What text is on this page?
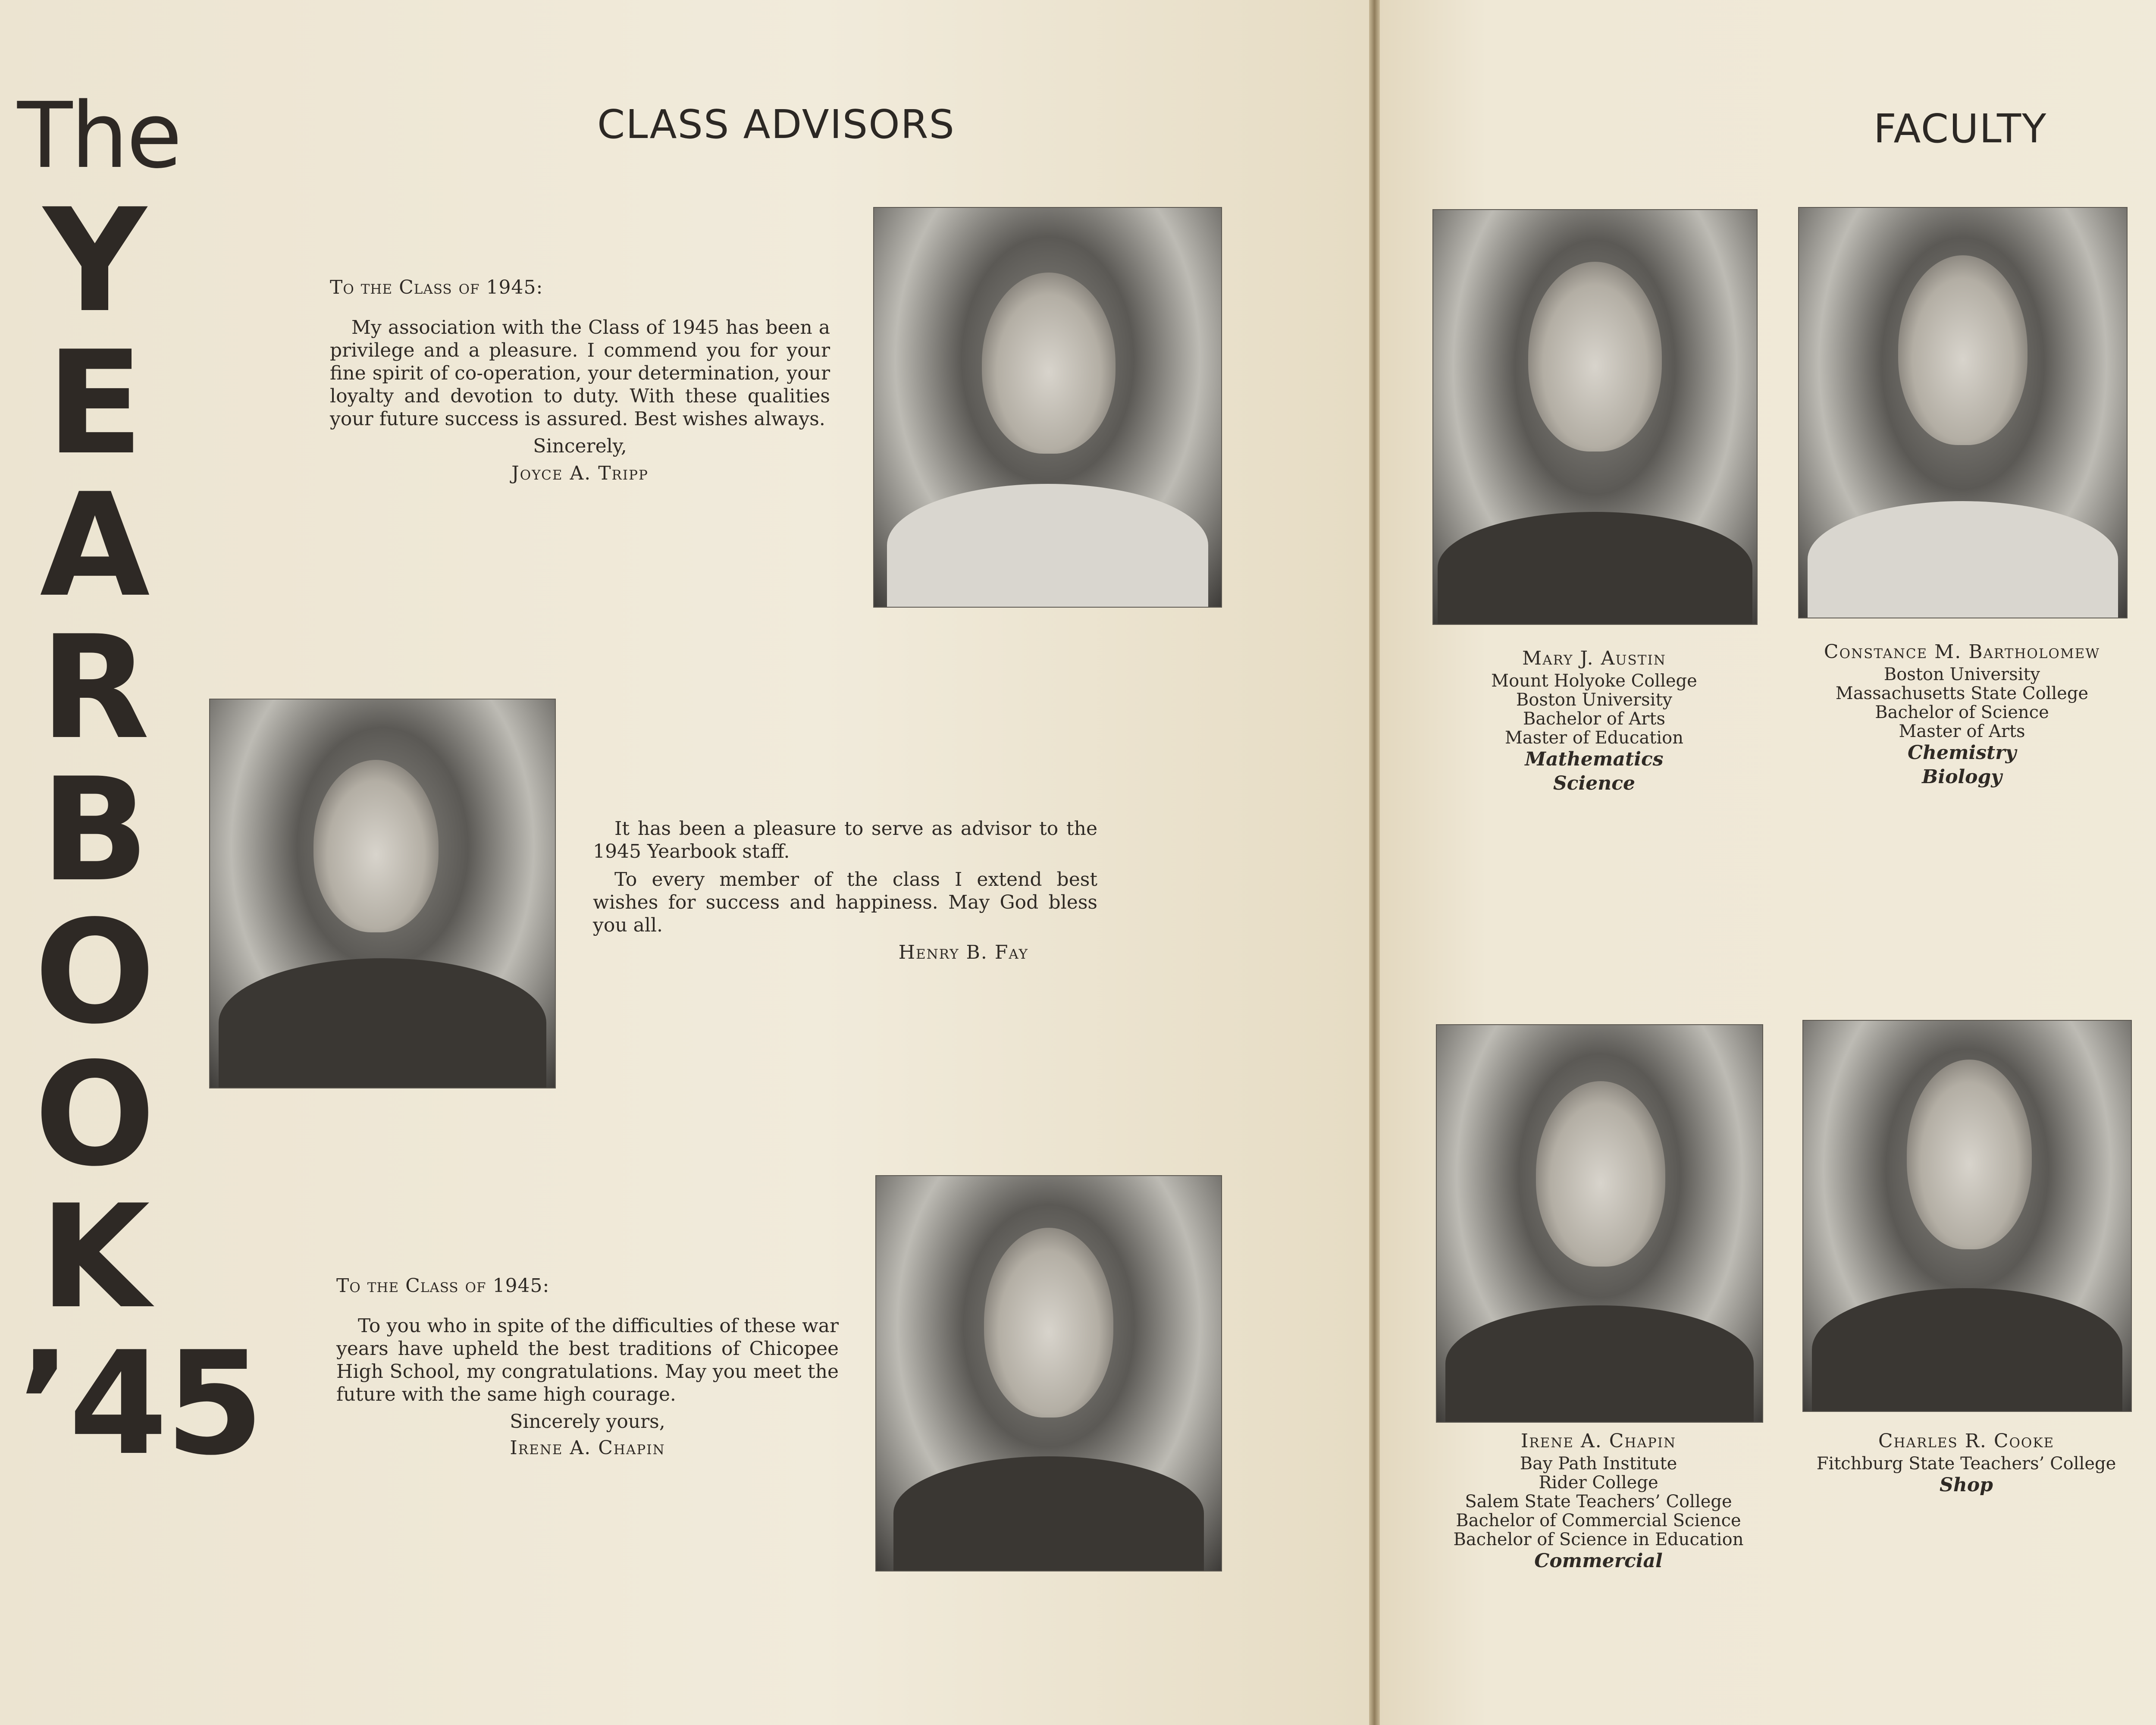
The
Y
E
A
R
B
O
O
K
’45
CLASS ADVISORS
To the Class of 1945:

My association with the Class of 1945 has been a privilege and a pleasure. I commend you for your fine spirit of co-operation, your determination, your loyalty and devotion to duty. With these qualities your future success is assured. Best wishes always.

Sincerely,
Joyce A. Tripp

It has been a pleasure to serve as advisor to the 1945 Yearbook staff.

To every member of the class I extend best wishes for success and happiness. May God bless you all.

Henry B. Fay
To the Class of 1945:

To you who in spite of the difficulties of these war years have upheld the best traditions of Chicopee High School, my congratulations. May you meet the future with the same high courage.

Sincerely yours,
Irene A. Chapin
FACULTY
Mary J. Austin
Mount Holyoke College
Boston University
Bachelor of Arts
Master of Education
Mathematics
Science
Constance M. Bartholomew
Boston University
Massachusetts State College
Bachelor of Science
Master of Arts
Chemistry
Biology
Irene A. Chapin
Bay Path Institute
Rider College
Salem State Teachers’ College
Bachelor of Commercial Science
Bachelor of Science in Education
Commercial
Charles R. Cooke
Fitchburg State Teachers’ College
Shop
